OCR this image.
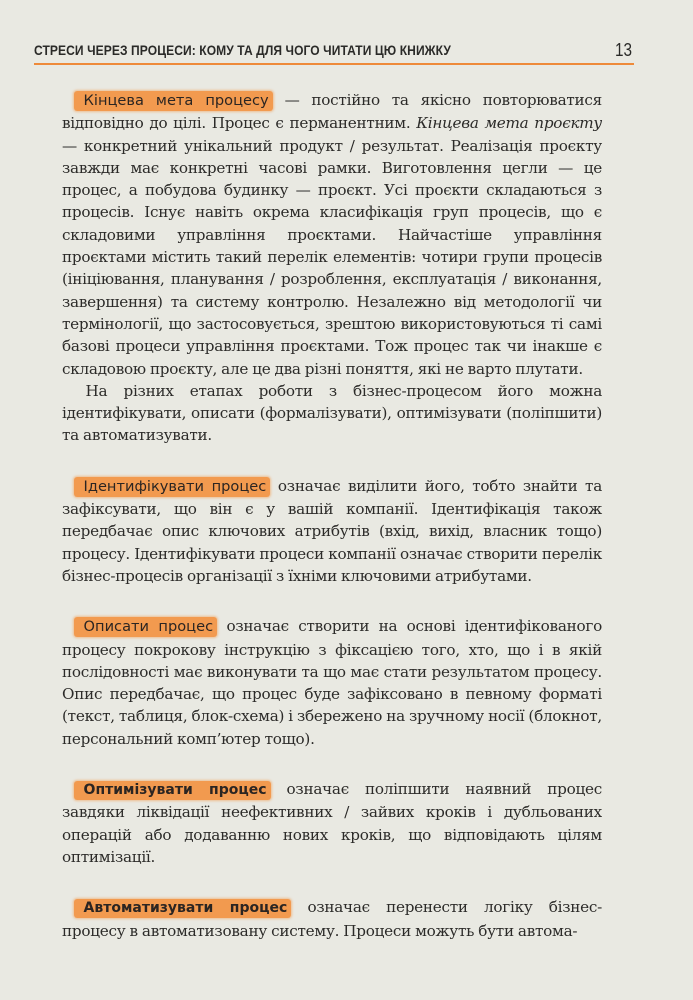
СТРЕСИ ЧЕРЕЗ ПРОЦЕСИ: КОМУ ТА ДЛЯ ЧОГО ЧИТАТИ ЦЮ КНИЖКУ	13

Кінцева мета процесу — постійно та якісно повторюватися відповідно до цілі. Процес є перманентним. Кінцева мета проєкту — конкретний унікальний продукт / результат. Реалізація проєкту завжди має конкретні часові рамки. Виготовлення цегли — це процес, а побудова будинку — проєкт. Усі проєкти складаються з процесів. Існує навіть окрема класифікація груп процесів, що є складовими управління проєктами. Найчастіше управління проєктами містить такий перелік елементів: чотири групи процесів (ініціювання, планування / розроблення, експлуатація / виконання, завершення) та систему контролю. Незалежно від методології чи термінології, що застосовується, зрештою використовуються ті самі базові процеси управління проєктами. Тож процес так чи інакше є складовою проєкту, але це два різні поняття, які не варто плутати.

На різних етапах роботи з бізнес-процесом його можна ідентифікувати, описати (формалізувати), оптимізувати (поліпшити) та автоматизувати.

Ідентифікувати процес означає виділити його, тобто знайти та зафіксувати, що він є у вашій компанії. Ідентифікація також передбачає опис ключових атрибутів (вхід, вихід, власник тощо) процесу. Ідентифікувати процеси компанії означає створити перелік бізнес-процесів організації з їхніми ключовими атрибутами.

Описати процес означає створити на основі ідентифікованого процесу покрокову інструкцію з фіксацією того, хто, що і в якій послідовності має виконувати та що має стати результатом процесу. Опис передбачає, що процес буде зафіксовано в певному форматі (текст, таблиця, блок-схема) і збережено на зручному носії (блокнот, персональний комп’ютер тощо).

Оптимізувати процес означає поліпшити наявний процес завдяки ліквідації неефективних / зайвих кроків і дубльованих операцій або додаванню нових кроків, що відповідають цілям оптимізації.

Автоматизувати процес означає перенести логіку бізнес-процесу в автоматизовану систему. Процеси можуть бути автома-
